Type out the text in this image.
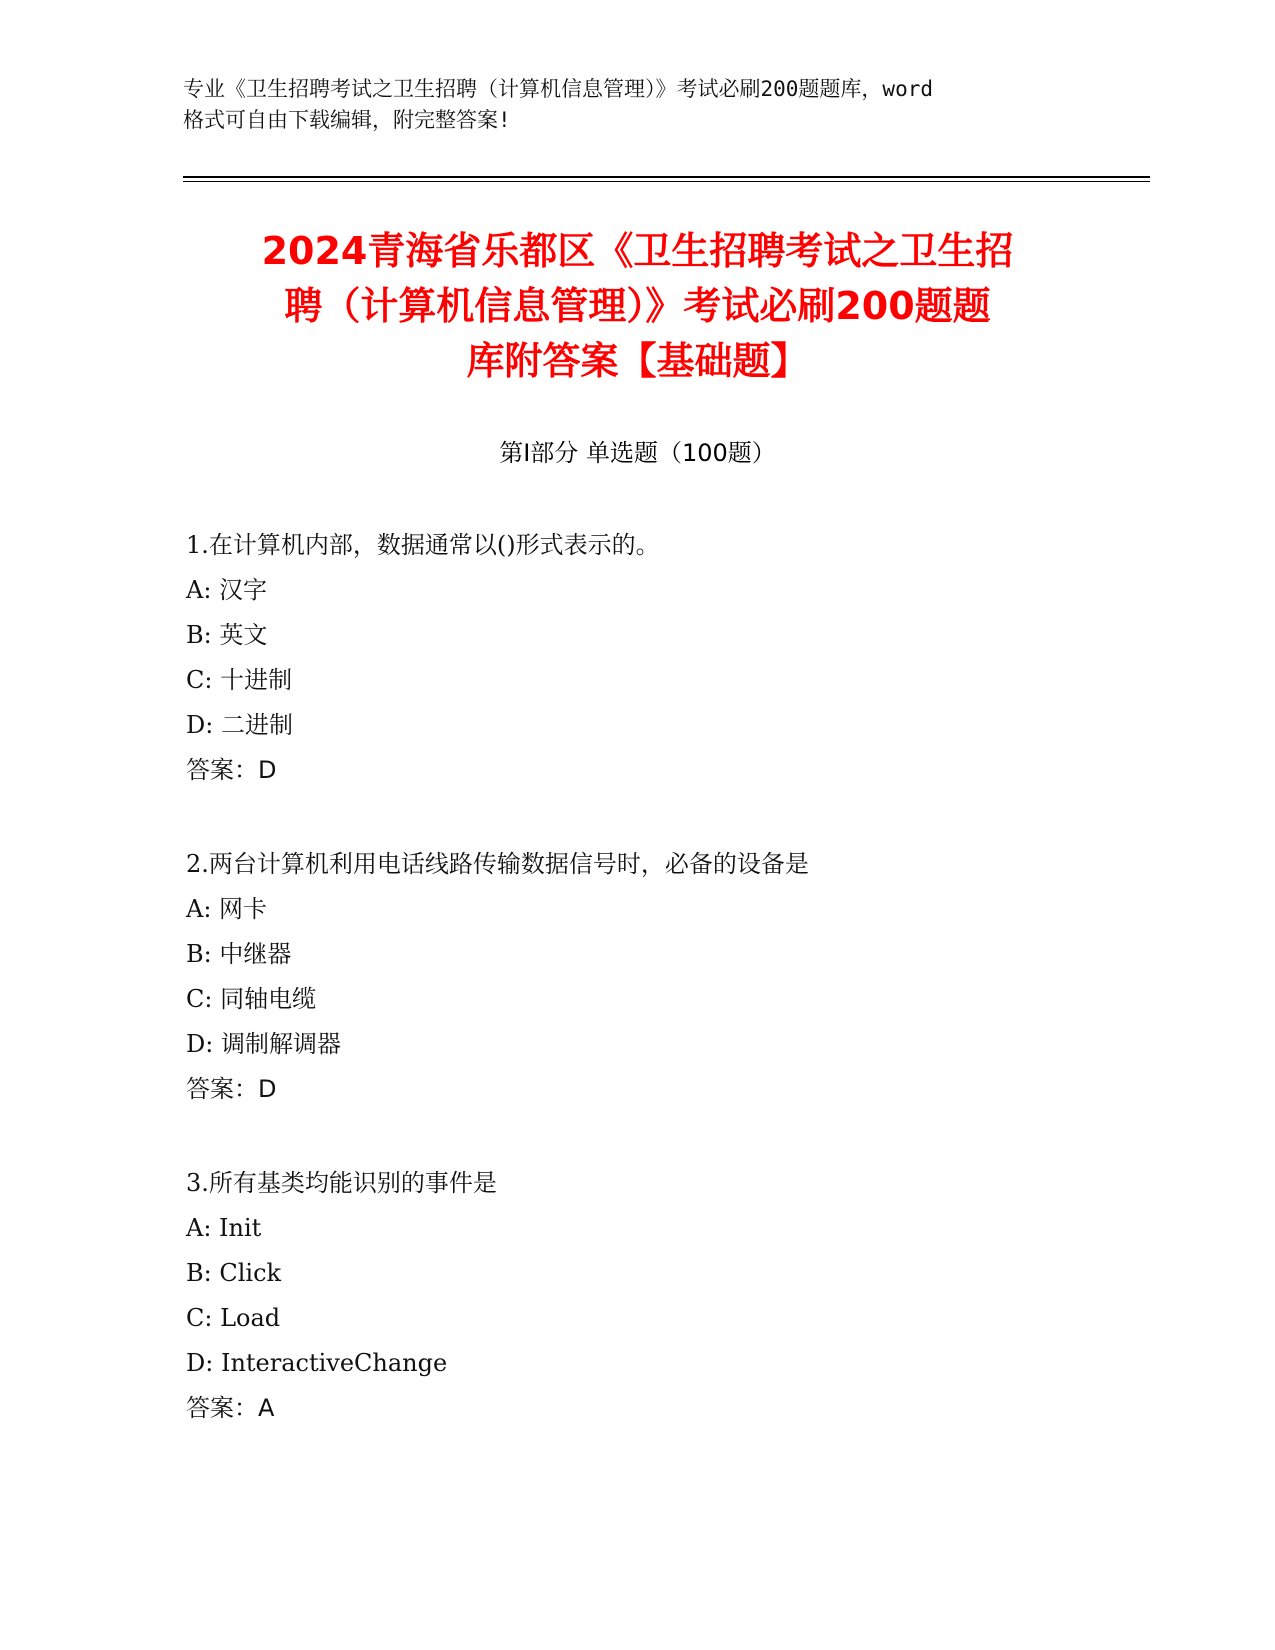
专业《卫生招聘考试之卫生招聘（计算机信息管理）》考试必刷200题题库，word
格式可自由下载编辑，附完整答案!
2024青海省乐都区《卫生招聘考试之卫生招
聘（计算机信息管理）》考试必刷200题题
库附答案【基础题】
第Ⅰ部分 单选题（100题）
1.在计算机内部，数据通常以()形式表示的。
A: 汉字
B: 英文
C: 十进制
D: 二进制
答案：D
2.两台计算机利用电话线路传输数据信号时，必备的设备是
A: 网卡
B: 中继器
C: 同轴电缆
D: 调制解调器
答案：D
3.所有基类均能识别的事件是
A: Init
B: Click
C: Load
D: InteractiveChange
答案：A
